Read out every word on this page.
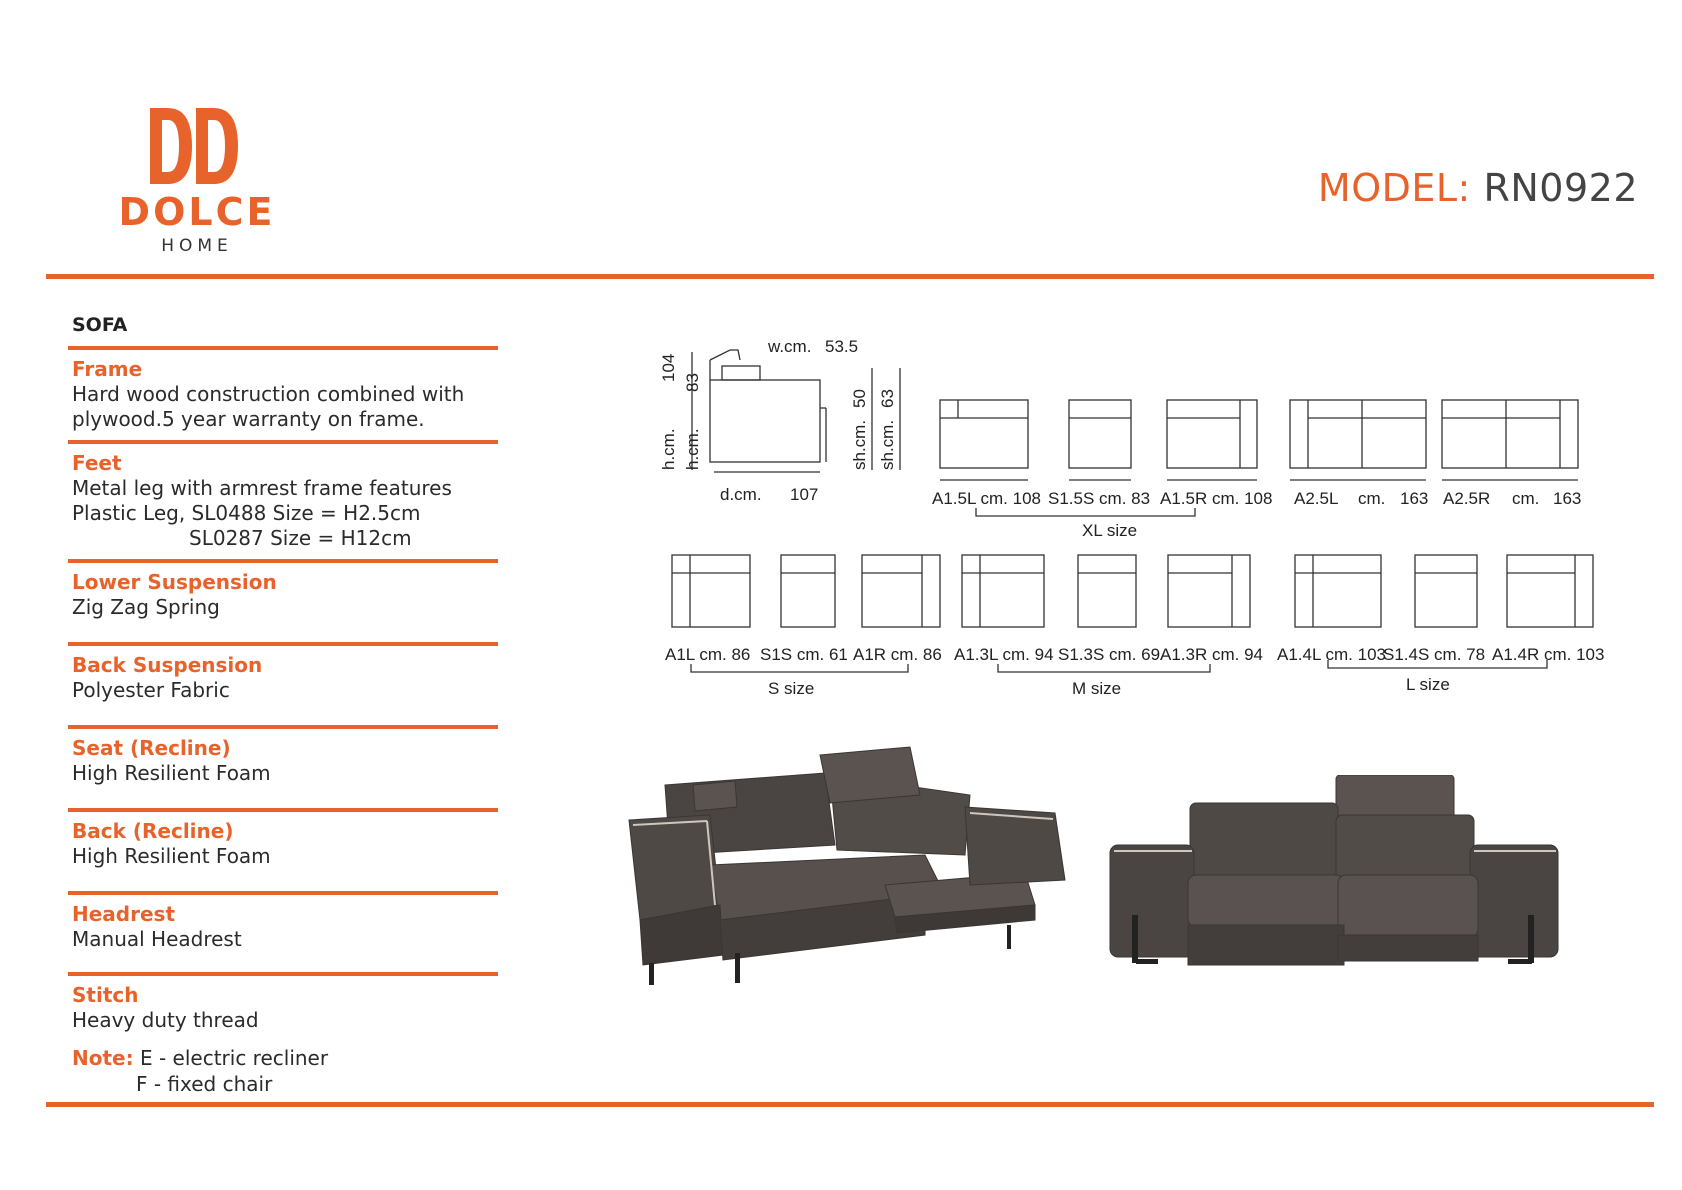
DOLCE
HOME
MODEL: RN0922
SOFA
Frame
Hard wood construction combined with
plywood.5 year warranty on frame.
Feet
Metal leg with armrest frame features
Plastic Leg, SL0488 Size = H2.5cm
SL0287 Size = H12cm
Lower Suspension
Zig Zag Spring
Back Suspension
Polyester Fabric
Seat (Recline)
High Resilient Foam
Back (Recline)
High Resilient Foam
Headrest
Manual Headrest
Stitch
Heavy duty thread
Note: E - electric recliner
F - fixed chair
w.cm. 53.5
h.cm.
104
h.cm.
83
sh.cm.
50
sh.cm.
63
d.cm. 107	A1.5L cm. 108 S1.5S cm. 83 A1.5R cm. 108 A2.5L cm. 163 A2.5R cm. 163
XL size
A1L cm. 86 S1S cm. 61 A1R cm. 86 A1.3L cm. 94 S1.3S cm. 69 A1.3R cm. 94 A1.4L cm. 103
S1.4S cm. 78 A1.4R cm. 103
S size	M size	L size
